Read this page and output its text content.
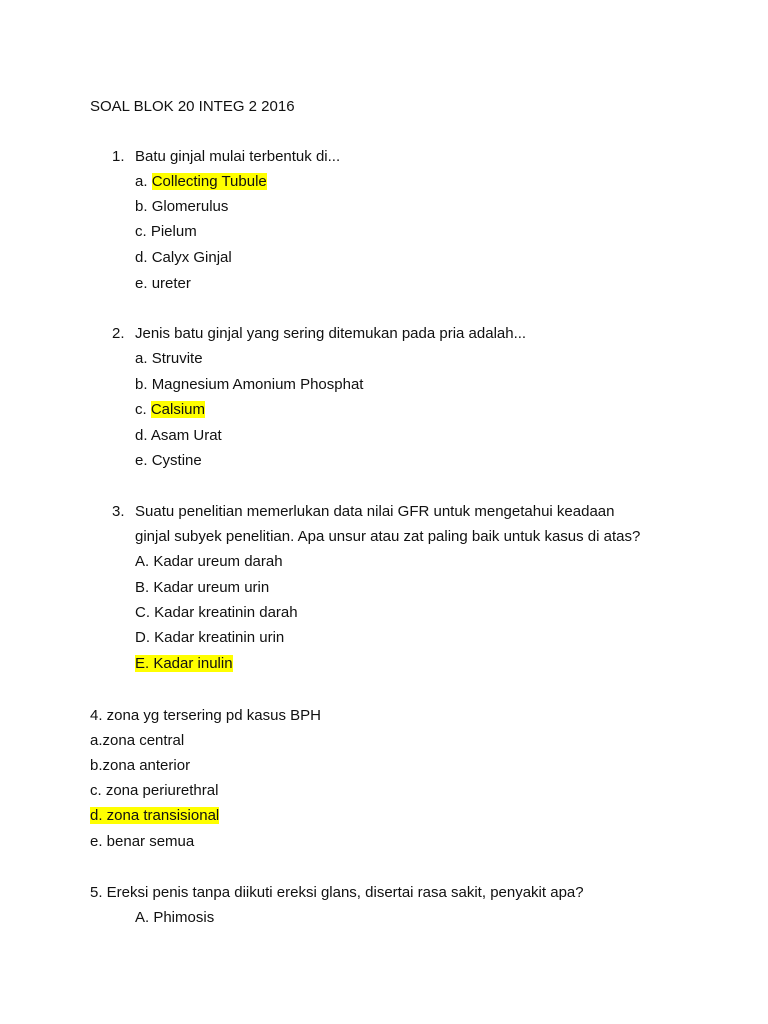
SOAL BLOK 20 INTEG 2 2016
1. Batu ginjal mulai terbentuk di...
a. Collecting Tubule
b. Glomerulus
c. Pielum
d. Calyx Ginjal
e. ureter
2. Jenis batu ginjal yang sering ditemukan pada pria adalah...
a. Struvite
b. Magnesium Amonium Phosphat
c. Calsium
d. Asam Urat
e. Cystine
3. Suatu penelitian memerlukan data nilai GFR untuk mengetahui keadaan
ginjal subyek penelitian. Apa unsur atau zat paling baik untuk kasus di atas?
A. Kadar ureum darah
B. Kadar ureum urin
C. Kadar kreatinin darah
D. Kadar kreatinin urin
E. Kadar inulin
4. zona yg tersering pd kasus BPH
a.zona central
b.zona anterior
c. zona periurethral
d. zona transisional
e. benar semua
5. Ereksi penis tanpa diikuti ereksi glans, disertai rasa sakit, penyakit apa?
A. Phimosis
